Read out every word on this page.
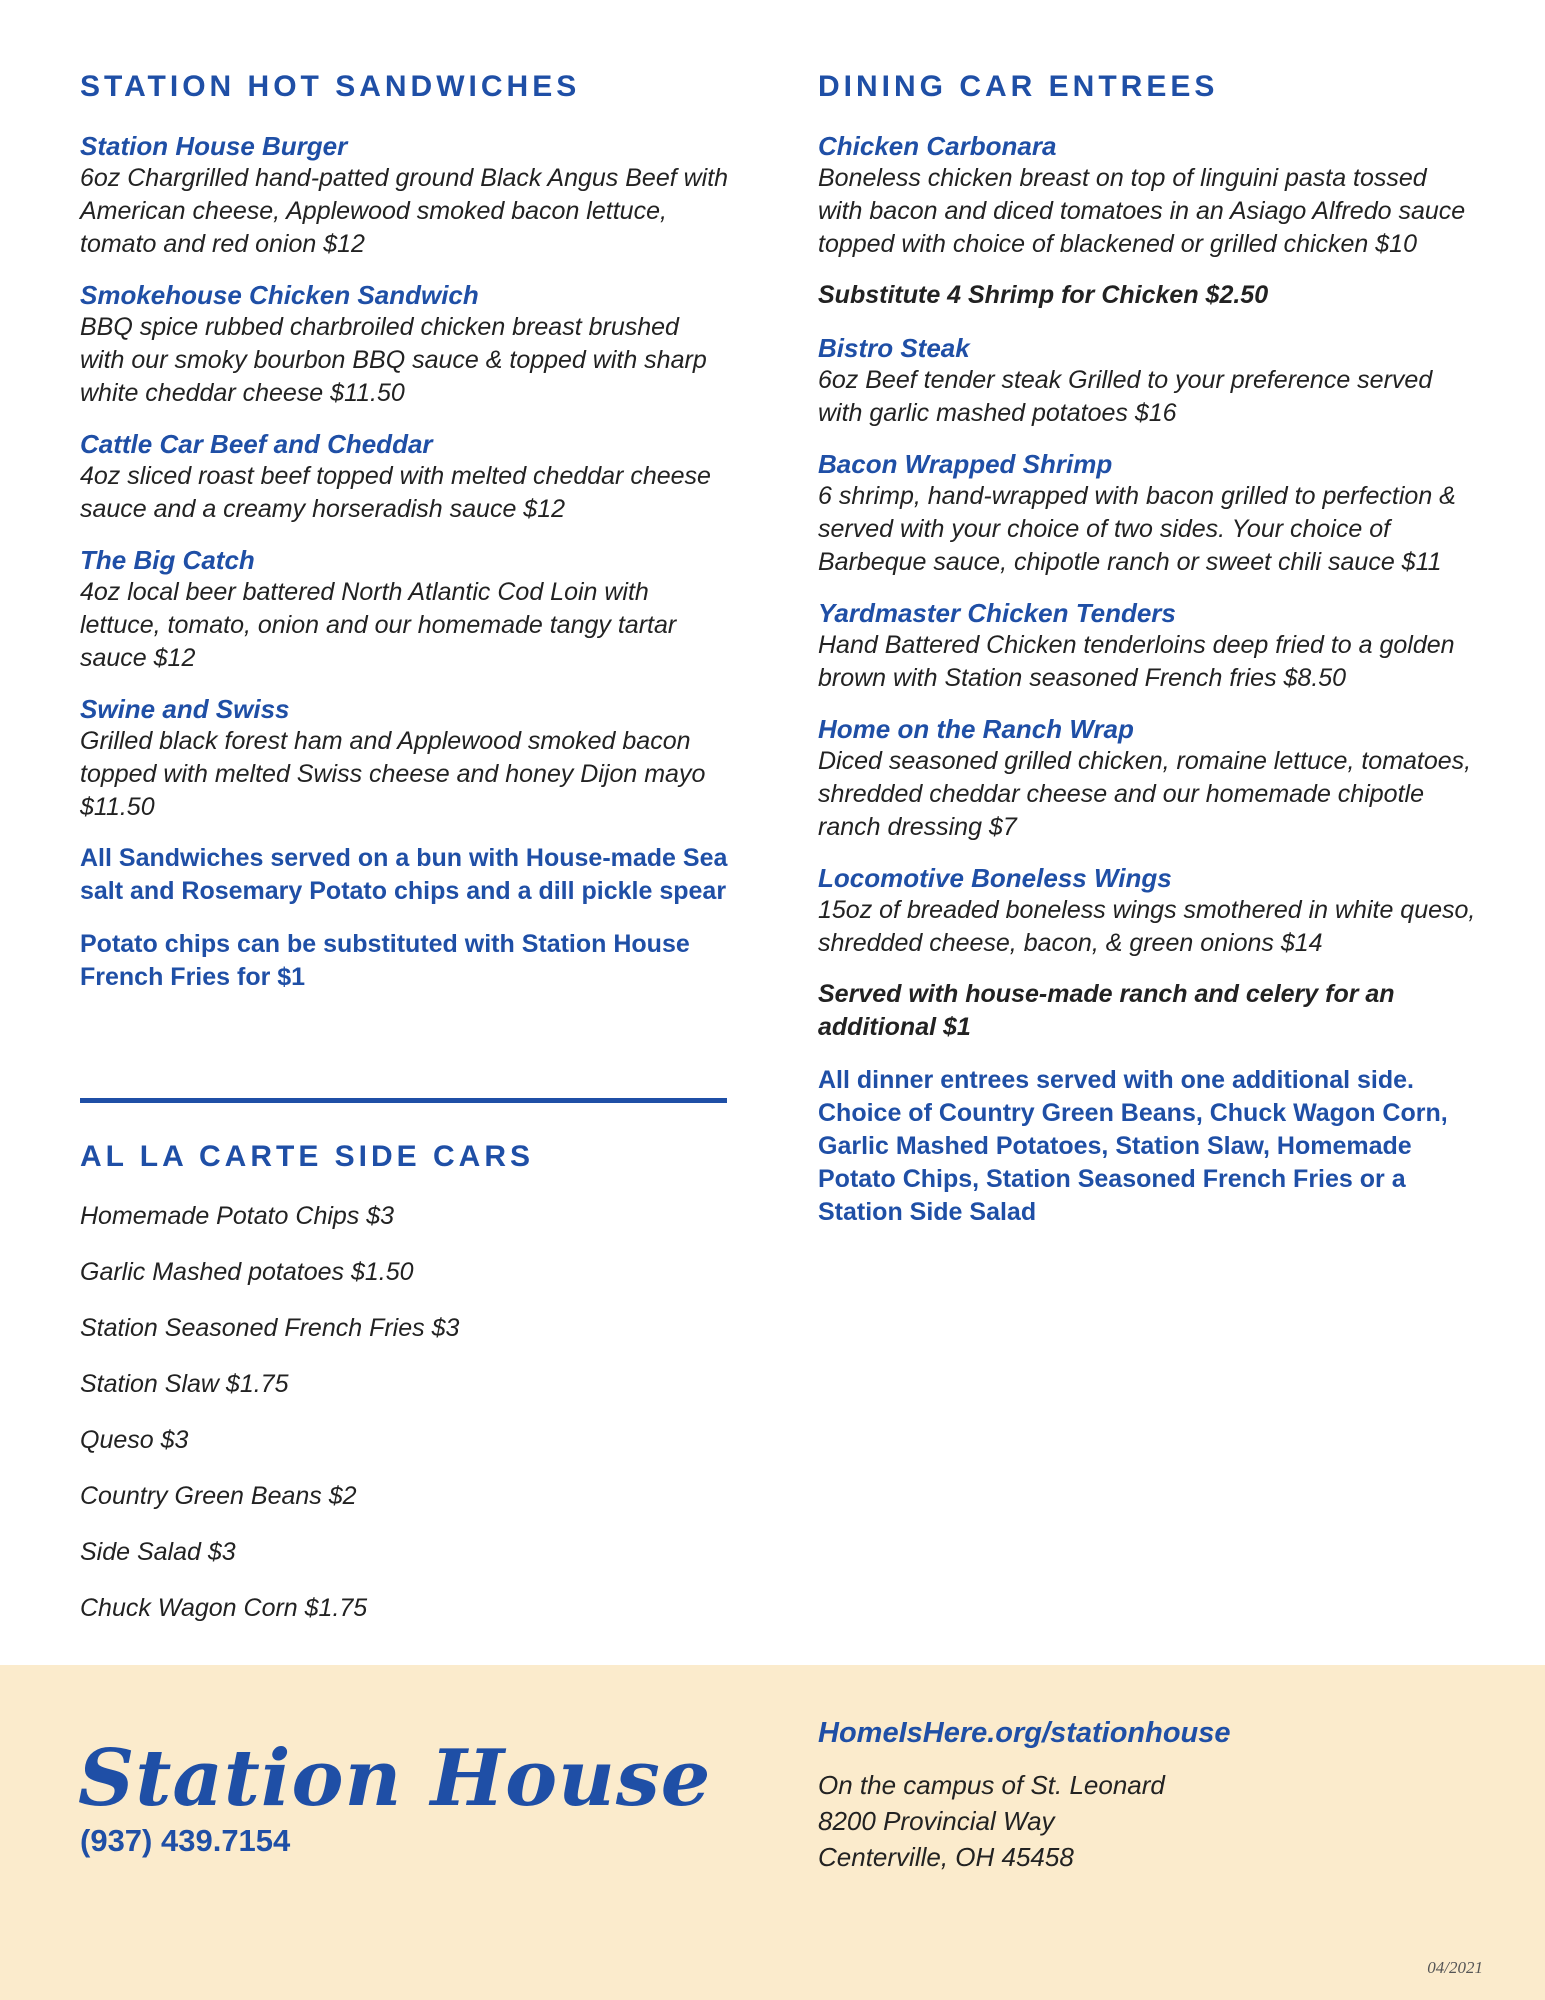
STATION HOT SANDWICHES
Station House Burger
6oz Chargrilled hand-patted ground Black Angus Beef with American cheese, Applewood smoked bacon lettuce, tomato and red onion $12
Smokehouse Chicken Sandwich
BBQ spice rubbed charbroiled chicken breast brushed with our smoky bourbon BBQ sauce & topped with sharp white cheddar cheese $11.50
Cattle Car Beef and Cheddar
4oz sliced roast beef topped with melted cheddar cheese sauce and a creamy horseradish sauce $12
The Big Catch
4oz local beer battered North Atlantic Cod Loin with lettuce, tomato, onion and our homemade tangy tartar sauce $12
Swine and Swiss
Grilled black forest ham and Applewood smoked bacon topped with melted Swiss cheese and honey Dijon mayo $11.50
All Sandwiches served on a bun with House-made Sea salt and Rosemary Potato chips and a dill pickle spear
Potato chips can be substituted with Station House French Fries for $1
AL LA CARTE SIDE CARS
Homemade Potato Chips $3
Garlic Mashed potatoes $1.50
Station Seasoned French Fries $3
Station Slaw $1.75
Queso $3
Country Green Beans $2
Side Salad $3
Chuck Wagon Corn $1.75
DINING CAR ENTREES
Chicken Carbonara
Boneless chicken breast on top of linguini pasta tossed with bacon and diced tomatoes in an Asiago Alfredo sauce topped with choice of blackened or grilled chicken $10
Substitute 4 Shrimp for Chicken $2.50
Bistro Steak
6oz Beef tender steak Grilled to your preference served with garlic mashed potatoes $16
Bacon Wrapped Shrimp
6 shrimp, hand-wrapped with bacon grilled to perfection & served with your choice of two sides. Your choice of Barbeque sauce, chipotle ranch or sweet chili sauce $11
Yardmaster Chicken Tenders
Hand Battered Chicken tenderloins deep fried to a golden brown with Station seasoned French fries $8.50
Home on the Ranch Wrap
Diced seasoned grilled chicken, romaine lettuce, tomatoes, shredded cheddar cheese and our homemade chipotle ranch dressing $7
Locomotive Boneless Wings
15oz of breaded boneless wings smothered in white queso, shredded cheese, bacon, & green onions $14
Served with house-made ranch and celery for an additional $1
All dinner entrees served with one additional side. Choice of Country Green Beans, Chuck Wagon Corn, Garlic Mashed Potatoes, Station Slaw, Homemade Potato Chips, Station Seasoned French Fries or a Station Side Salad
Station House
(937) 439.7154
HomeIsHere.org/stationhouse
On the campus of St. Leonard
8200 Provincial Way
Centerville, OH 45458
04/2021
